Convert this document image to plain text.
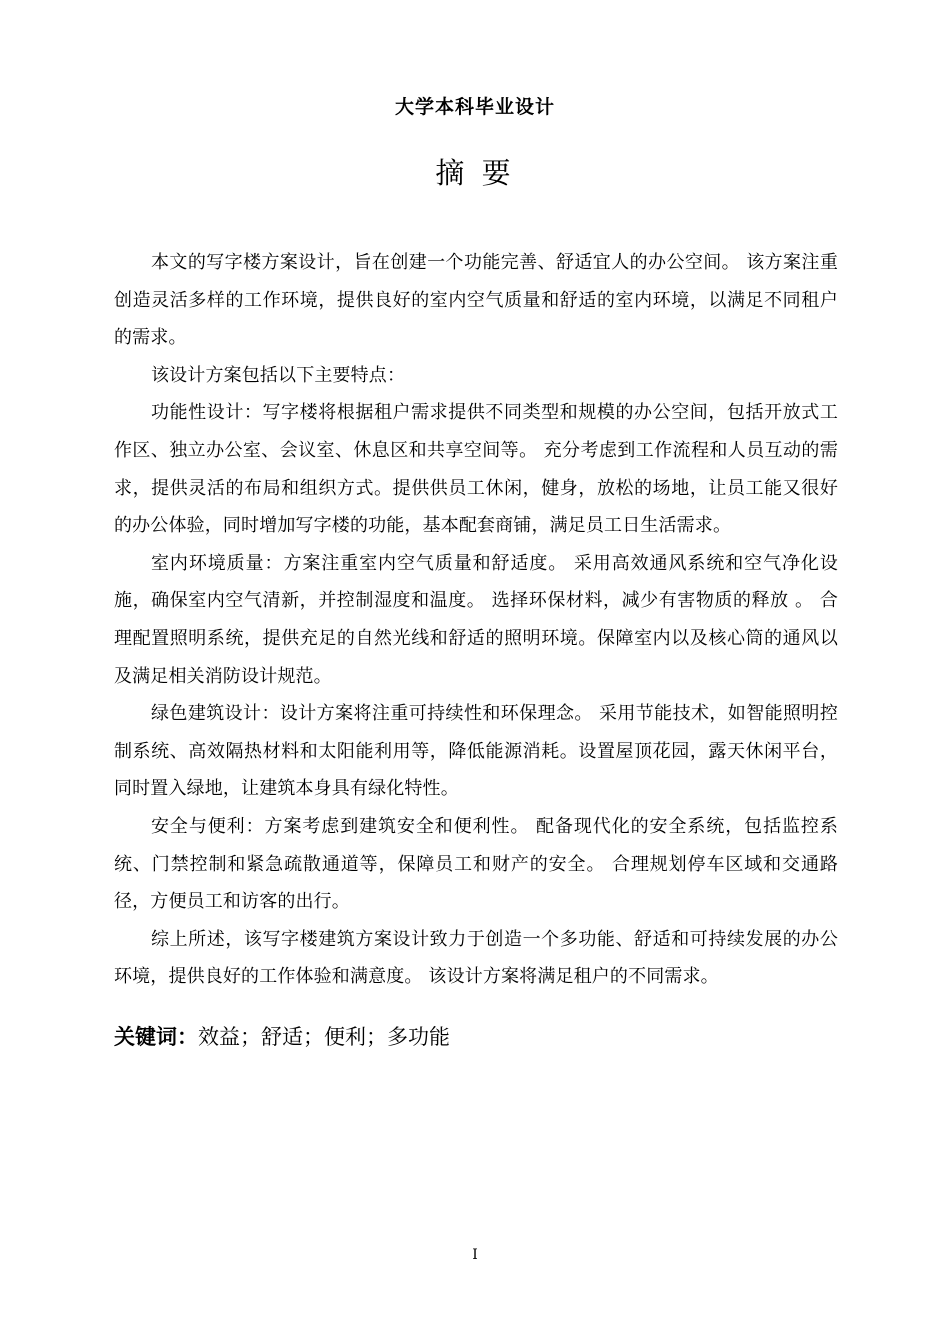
大学本科毕业设计
摘 要

本文的写字楼方案设计，旨在创建一个功能完善、舒适宜人的办公空间。 该方案注重创造灵活多样的工作环境，提供良好的室内空气质量和舒适的室内环境，以满足不同租户的需求。

该设计方案包括以下主要特点：

功能性设计：写字楼将根据租户需求提供不同类型和规模的办公空间，包括开放式工作区、独立办公室、会议室、休息区和共享空间等。 充分考虑到工作流程和人员互动的需求，提供灵活的布局和组织方式。提供供员工休闲，健身，放松的场地，让员工能又很好的办公体验，同时增加写字楼的功能，基本配套商铺，满足员工日生活需求。

室内环境质量：方案注重室内空气质量和舒适度。 采用高效通风系统和空气净化设施，确保室内空气清新，并控制湿度和温度。 选择环保材料，减少有害物质的释放 。 合理配置照明系统，提供充足的自然光线和舒适的照明环境。保障室内以及核心筒的通风以及满足相关消防设计规范。

绿色建筑设计：设计方案将注重可持续性和环保理念。 采用节能技术，如智能照明控制系统、高效隔热材料和太阳能利用等，降低能源消耗。设置屋顶花园，露天休闲平台，同时置入绿地，让建筑本身具有绿化特性。

安全与便利：方案考虑到建筑安全和便利性。 配备现代化的安全系统，包括监控系统、门禁控制和紧急疏散通道等，保障员工和财产的安全。 合理规划停车区域和交通路径，方便员工和访客的出行。

综上所述，该写字楼建筑方案设计致力于创造一个多功能、舒适和可持续发展的办公环境，提供良好的工作体验和满意度。 该设计方案将满足租户的不同需求。

关键词：效益；舒适；便利；多功能
I
